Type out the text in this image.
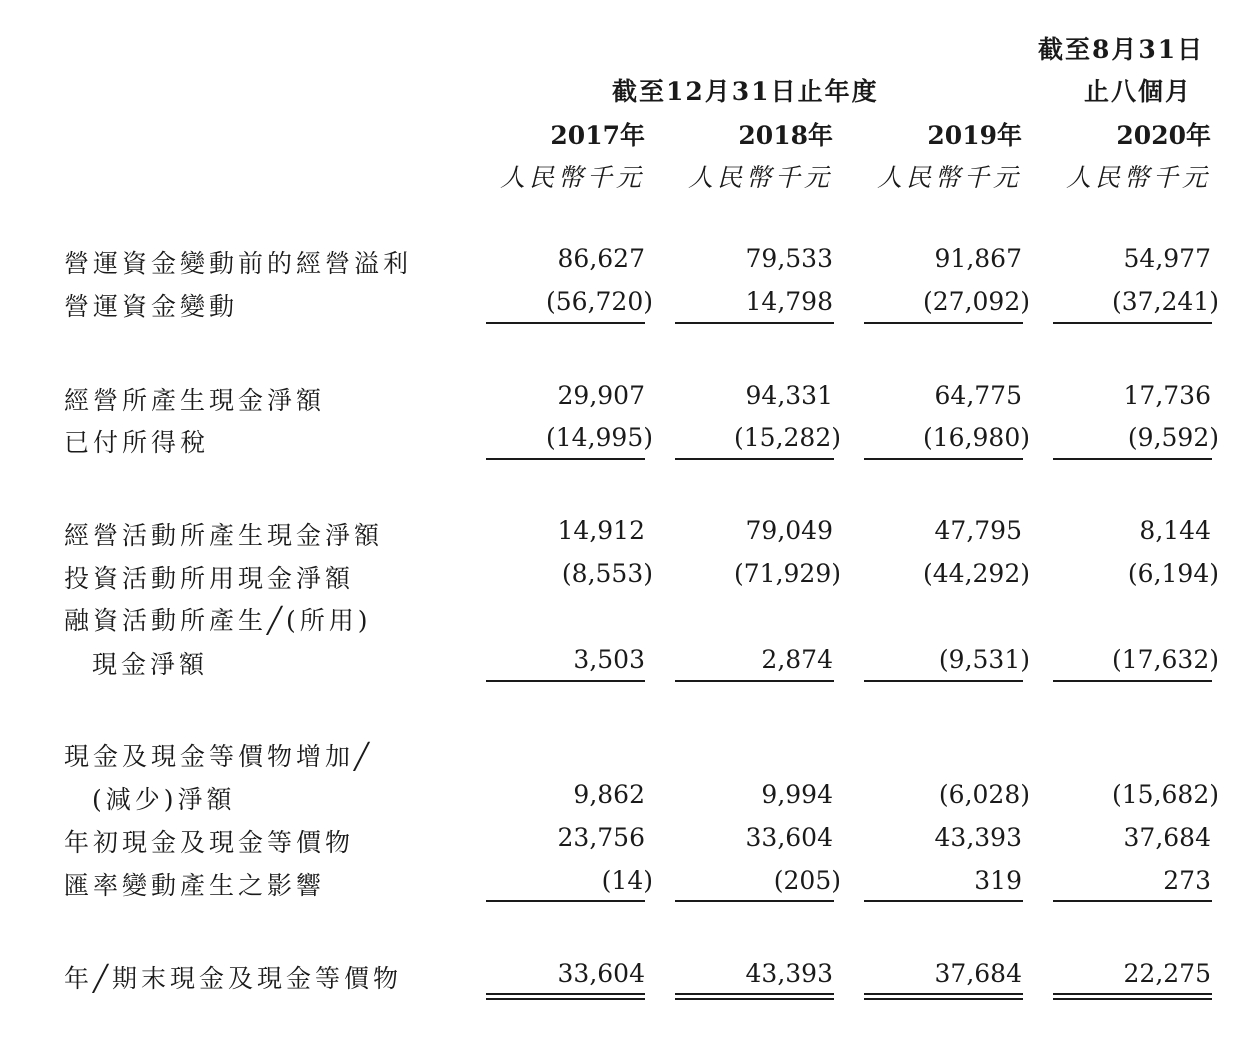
截至8月31日
截至12月31日止年度	止八個月
2017年	2018年	2019年	2020年
人民幣千元 人民幣千元 人民幣千元 人民幣千元
營運資金變動前的經營溢利	86,627	79,533	91,867	54,977
營運資金變動	(56,720)	14,798	(27,092)	(37,241)
經營所產生現金淨額	29,907	94,331	64,775	17,736
已付所得稅	(14,995)	(15,282)	(16,980)	(9,592)
經營活動所產生現金淨額	14,912	79,049	47,795	8,144
投資活動所用現金淨額	(8,553)	(71,929)	(44,292)	(6,194)
融資活動所產生╱(所用)
現金淨額	3,503	2,874	(9,531)	(17,632)
現金及現金等價物增加╱
(減少)淨額	9,862	9,994	(6,028)	(15,682)
年初現金及現金等價物	23,756	33,604	43,393	37,684
匯率變動產生之影響	(14)	(205)	319	273
年╱期末現金及現金等價物	33,604	43,393	37,684	22,275
